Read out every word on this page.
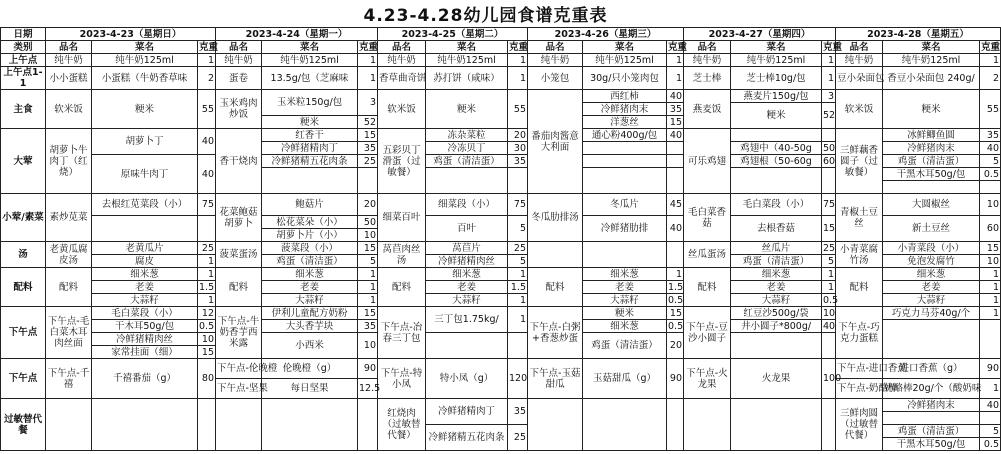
4.23-4.28幼儿园食谱克重表
日期	2023-4-23（星期日）			2023-4-24（星期一）			2023-4-25（星期二）			2023-4-26（星期三）			2023-4-27（星期四）			2023-4-28（星期五）		
类别	品名	菜名	克重	品名	菜名	克重	品名	菜名	克重	品名	菜名	克重	品名	菜名	克重	品名	菜名	克重
上午点	纯牛奶	纯牛奶125ml	1	纯牛奶	纯牛奶125ml	1	纯牛奶	纯牛奶125ml	1	纯牛奶	纯牛奶125ml	1	纯牛奶	纯牛奶125ml	1	纯牛奶	纯牛奶125ml	1
上午点1-1	小小蛋糕	小蛋糕（牛奶香草味	2	蛋卷	13.5g/包（芝麻味	1	香草曲奇饼	苏打饼（咸味）	1	小笼包	30g/只小笼肉包	1	芝士棒	芝士棒10g/包	1	豆小朵面包	香豆小朵面包 240g/	2
主食	软米饭	粳米	55	玉米鸡肉炒饭	玉米粒150g/包	3	软米饭	粳米	55	番茄肉酱意大利面	西红柿	40	燕麦饭	燕麦片150g/包	3	软米饭	粳米	55
											冷鲜猪肉末	35		粳米	52			
					粳米	52					洋葱丝	15						
大荤	胡萝卜牛肉丁（红烧）	胡萝卜丁	40	香干烧肉	红香干	15	五彩贝丁滑蛋（过敏餐）	冻杂菜粒	20		通心粉400g/包	40	可乐鸡翅			三鲜藕香圆子（过敏餐）	冰鲜鲫鱼圆	35
					冷鲜猪精肉丁	35		冷冻贝丁	30					鸡翅中（40-50g	50		冷鲜猪肉末	40
		原味牛肉丁	40		冷鲜猪精五花肉条	25		鸡蛋（清洁蛋）	35					鸡翅根（50-60g	60		鸡蛋（清洁蛋）	5
																	干黑木耳50g/包	0.5

小荤/素菜	素炒苋菜	去根红苋菜段（小）	75	花菜鲍菇胡萝卜	鲍菇片	20	细菜百叶	细菜段（小）	75	冬瓜肋排汤	冬瓜片	45	毛白菜香菇	毛白菜段（小）	75	青椒土豆丝	大圆椒丝	10
					松花菜朵（小）	50		百叶	5		冷鲜猪肋排	40		去根香菇	15		新土豆丝	60
					胡萝卜片（小）	10												
汤	老黄瓜腐皮汤	老黄瓜片	25	菠菜蛋汤	菠菜段（小）	15	莴苣肉丝汤	莴苣片	25				丝瓜蛋汤	丝瓜片	25	小青菜腐竹汤	小青菜段（小）	15
		腐皮	1		鸡蛋（清洁蛋）	5		冷鲜猪精肉丝	5					鸡蛋（清洁蛋）	5		免泡发腐竹	10
配料	配料	细米葱	1	配料	细米葱	1	配料	细米葱	1	配料	细米葱	1	配料	细米葱	1	配料	细米葱	1
		老姜	1.5		老姜	1		老姜	1.5		老姜	1.5		老姜	1		老姜	1
		大蒜籽	1		大蒜籽	1		大蒜籽	1		大蒜籽	0.5		大蒜籽	0.5		大蒜籽	1
下午点	下午点-毛白菜木耳肉丝面	毛白菜段（小）	12	下午点-牛奶香芋西米露	伊利儿童配方奶粉	15	下午点-冶春三丁包	三丁包1.75kg/	1	下午点-白粥+香葱炒蛋	粳米	15	下午点-豆沙小圆子	红豆沙500g/袋	10	下午点-巧克力蛋糕	巧克力马芬40g/个	1
		干木耳50g/包	0.5		大头香芋块	35					细米葱	0.5		井小圆子*800g/	40			
		冷鲜猪精肉丝	10		小西米	10					鸡蛋（清洁蛋）	20						
		家常挂面（细）	15															
下午点	下午点-千禧	千禧番茄（g）	80	下午点-伦晚橙	伦晚橙（g）	90	下午点-特小凤	特小凤（g）	120	下午点-玉菇甜瓜	玉菇甜瓜（g）	90	下午点-火龙果	火龙果	100	下午点-进口香蕉	进口香蕉（g）	90
				下午点-坚果	每日坚果	12.5										下午点-奶酪棒	奶酪棒20g/个（酸奶味	1
过敏替代餐							红烧肉（过敏替代餐）	冷鲜猪精肉丁	35							三鲜肉圆（过敏替代餐）	冷鲜猪肉末	40

								冷鲜猪精五花肉条	25								鸡蛋（清洁蛋）	5
																	干黑木耳50g/包	0.5
